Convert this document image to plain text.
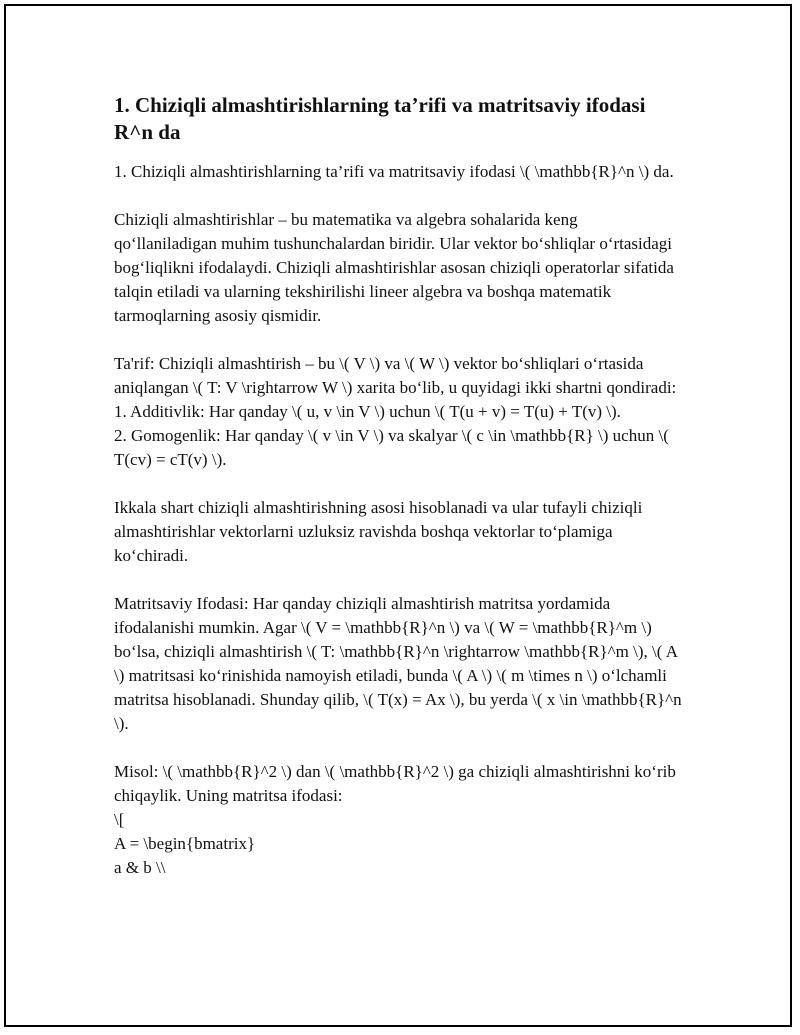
1. Chiziqli almashtirishlarning ta’rifi va matritsaviy ifodasi R^n da

1. Chiziqli almashtirishlarning ta’rifi va matritsaviy ifodasi \( \mathbb{R}^n \) da.

Chiziqli almashtirishlar – bu matematika va algebra sohalarida keng qo‘llaniladigan muhim tushunchalardan biridir. Ular vektor bo‘shliqlar o‘rtasidagi bog‘liqlikni ifodalaydi. Chiziqli almashtirishlar asosan chiziqli operatorlar sifatida talqin etiladi va ularning tekshirilishi lineer algebra va boshqa matematik tarmoqlarning asosiy qismidir.

Ta'rif: Chiziqli almashtirish – bu \( V \) va \( W \) vektor bo‘shliqlari o‘rtasida aniqlangan \( T: V \rightarrow W \) xarita bo‘lib, u quyidagi ikki shartni qondiradi:
1. Additivlik: Har qanday \( u, v \in V \) uchun \( T(u + v) = T(u) + T(v) \).
2. Gomogenlik: Har qanday \( v \in V \) va skalyar \( c \in \mathbb{R} \) uchun \( T(cv) = cT(v) \).

Ikkala shart chiziqli almashtirishning asosi hisoblanadi va ular tufayli chiziqli almashtirishlar vektorlarni uzluksiz ravishda boshqa vektorlar to‘plamiga ko‘chiradi.

Matritsaviy Ifodasi: Har qanday chiziqli almashtirish matritsa yordamida ifodalanishi mumkin. Agar \( V = \mathbb{R}^n \) va \( W = \mathbb{R}^m \) bo‘lsa, chiziqli almashtirish \( T: \mathbb{R}^n \rightarrow \mathbb{R}^m \), \( A \) matritsasi ko‘rinishida namoyish etiladi, bunda \( A \) \( m \times n \) o‘lchamli matritsa hisoblanadi. Shunday qilib, \( T(x) = Ax \), bu yerda \( x \in \mathbb{R}^n \).

Misol: \( \mathbb{R}^2 \) dan \( \mathbb{R}^2 \) ga chiziqli almashtirishni ko‘rib chiqaylik. Uning matritsa ifodasi:
\[
A = \begin{bmatrix}
a & b \\
